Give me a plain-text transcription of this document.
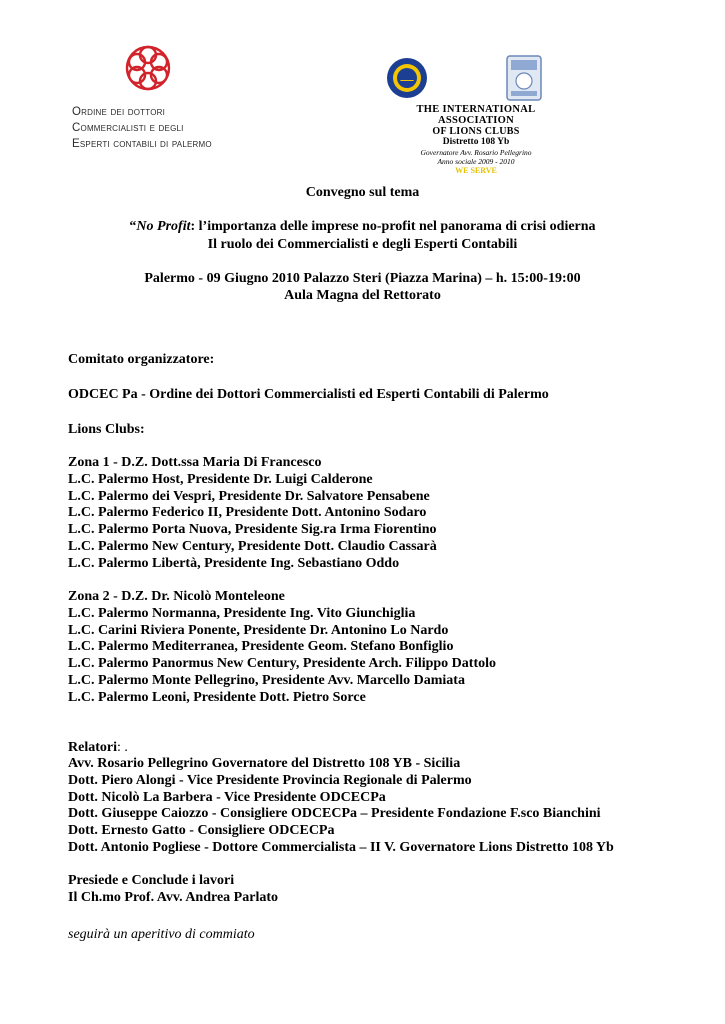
Ordine dei dottori
Commercialisti e degli
Esperti contabili di palermo
THE INTERNATIONAL ASSOCIATION
OF LIONS CLUBS
Distretto 108 Yb
Governatore Avv. Rosario Pellegrino
Anno sociale 2009 - 2010
WE SERVE
Convegno sul tema
“No Profit: l’importanza delle imprese no-profit nel panorama di crisi odierna
Il ruolo dei Commercialisti e degli Esperti Contabili
Palermo - 09 Giugno 2010 Palazzo Steri (Piazza Marina) – h. 15:00-19:00
Aula Magna del Rettorato
Comitato organizzatore:
ODCEC Pa - Ordine dei Dottori Commercialisti ed Esperti Contabili di Palermo
Lions Clubs:
Zona 1 - D.Z. Dott.ssa Maria Di Francesco
L.C. Palermo Host, Presidente Dr. Luigi Calderone
L.C. Palermo dei Vespri, Presidente Dr. Salvatore Pensabene
L.C. Palermo Federico II, Presidente Dott. Antonino Sodaro
L.C. Palermo Porta Nuova, Presidente Sig.ra Irma Fiorentino
L.C. Palermo New Century, Presidente Dott. Claudio Cassarà
L.C. Palermo Libertà, Presidente Ing. Sebastiano Oddo
Zona 2 - D.Z. Dr. Nicolò Monteleone
L.C. Palermo Normanna, Presidente Ing. Vito Giunchiglia
L.C. Carini Riviera Ponente, Presidente Dr. Antonino Lo Nardo
L.C. Palermo Mediterranea, Presidente Geom. Stefano Bonfiglio
L.C. Palermo Panormus New Century, Presidente Arch. Filippo Dattolo
L.C. Palermo Monte Pellegrino, Presidente Avv. Marcello Damiata
L.C. Palermo Leoni, Presidente Dott. Pietro Sorce
Relatori: .
Avv. Rosario Pellegrino Governatore del Distretto 108 YB - Sicilia
Dott. Piero Alongi - Vice Presidente Provincia Regionale di Palermo
Dott. Nicolò La Barbera - Vice Presidente ODCECPa
Dott. Giuseppe Caiozzo - Consigliere ODCECPa – Presidente Fondazione F.sco Bianchini
Dott. Ernesto Gatto - Consigliere ODCECPa
Dott. Antonio Pogliese - Dottore Commercialista – II V. Governatore Lions Distretto 108 Yb
Presiede e Conclude i lavori
Il Ch.mo Prof. Avv. Andrea Parlato
seguirà un aperitivo di commiato
